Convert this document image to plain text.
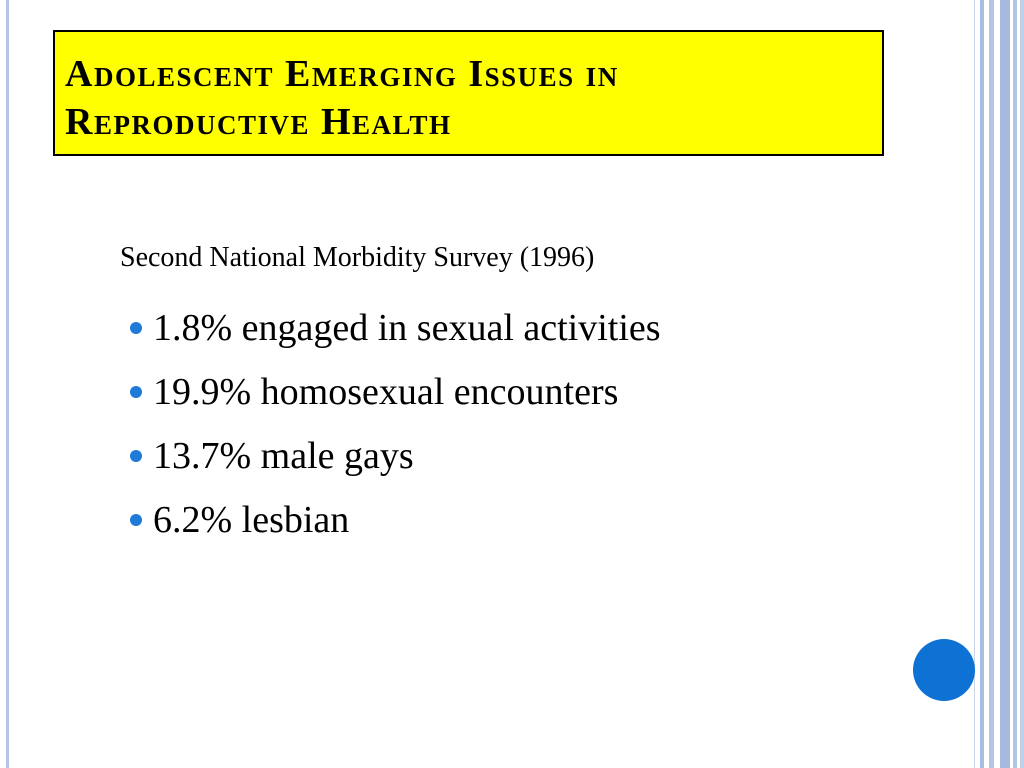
Adolescent Emerging Issues in
Reproductive Health

Second National Morbidity Survey (1996)

1.8% engaged in sexual activities
19.9% homosexual encounters
13.7% male gays
6.2% lesbian
